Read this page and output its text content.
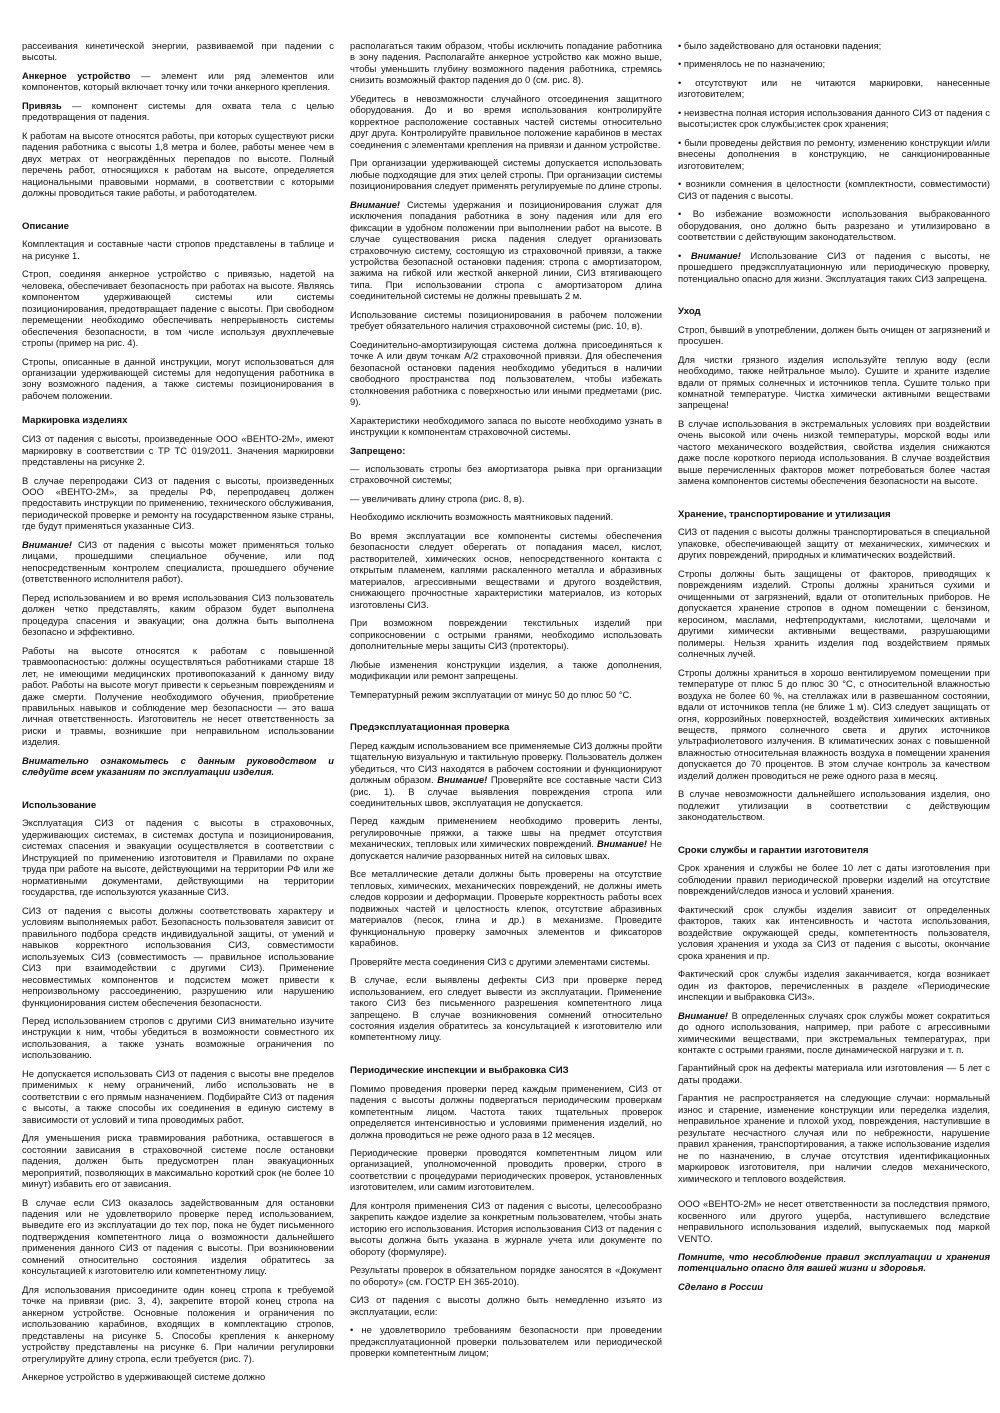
рассеивания кинетической энергии, развиваемой при падении с высоты.

Анкерное устройство — элемент или ряд элементов или компонентов, который включает точку или точки анкерного крепления.

Привязь — компонент системы для охвата тела с целью предотвращения от падения.

К работам на высоте относятся работы, при которых существуют риски падения работника с высоты 1,8 метра и более, работы менее чем в двух метрах от неограждённых перепадов по высоте. Полный перечень работ, относящихся к работам на высоте, определяется национальными правовыми нормами, в соответствии с которыми должны проводиться такие работы, и работодателем.

Описание

Комплектация и составные части стропов представлены в таблице и на рисунке 1.

Строп, соединяя анкерное устройство с привязью, надетой на человека, обеспечивает безопасность при работах на высоте. Являясь компонентом удерживающей системы или системы позиционирования, предотвращает падение с высоты. При свободном перемещении необходимо обеспечивать непрерывность системы обеспечения безопасности, в том числе используя двухплечевые стропы (пример на рис. 4).

Стропы, описанные в данной инструкции, могут использоваться для организации удерживающей системы для недопущения работника в зону возможного падения, а также системы позиционирования в рабочем положении.

Маркировка изделиях

СИЗ от падения с высоты, произведенные ООО «ВЕНТО-2М», имеют маркировку в соответствии с ТР ТС 019/2011. Значения маркировки представлены на рисунке 2.

В случае перепродажи СИЗ от падения с высоты, произведенных ООО «ВЕНТО-2М», за пределы РФ, перепродавец должен предоставить инструкции по применению, технического обслуживания, периодической проверке и ремонту на государственном языке страны, где будут применяться указанные СИЗ.

Внимание! СИЗ от падения с высоты может применяться только лицами, прошедшими специальное обучение, или под непосредственным контролем специалиста, прошедшего обучение (ответственного исполнителя работ).

Перед использованием и во время использования СИЗ пользователь должен четко представлять, каким образом будет выполнена процедура спасения и эвакуации; она должна быть выполнена безопасно и эффективно.

Работы на высоте относятся к работам с повышенной травмоопасностью: должны осуществляться работниками старше 18 лет, не имеющими медицинских противопоказаний к данному виду работ. Работы на высоте могут привести к серьезным повреждениям и даже смерти. Получение необходимого обучения, приобретение правильных навыков и соблюдение мер безопасности — это ваша личная ответственность. Изготовитель не несет ответственность за риски и травмы, возникшие при неправильном использовании изделия.

Внимательно ознакомьтесь с данным руководством и следуйте всем указаниям по эксплуатации изделия.

Использование

Эксплуатация СИЗ от падения с высоты в страховочных, удерживающих системах, в системах доступа и позиционирования, системах спасения и эвакуации осуществляется в соответствии с Инструкцией по применению изготовителя и Правилами по охране труда при работе на высоте, действующими на территории РФ или же нормативными документами, действующими на территории государства, где используются указанные СИЗ.

СИЗ от падения с высоты должны соответствовать характеру и условиям выполняемых работ. Безопасность пользователя зависит от правильного подбора средств индивидуальной защиты, от умений и навыков корректного использования СИЗ, совместимости используемых СИЗ (совместимость — правильное использование СИЗ при взаимодействии с другими СИЗ). Применение несовместимых компонентов и подсистем может привести к непроизвольному рассоединению, разрушению или нарушению функционирования систем обеспечения безопасности.

Перед использованием стропов с другими СИЗ внимательно изучите инструкции к ним, чтобы убедиться в возможности совместного их использования, а также узнать возможные ограничения по использованию.

Не допускается использовать СИЗ от падения с высоты вне пределов применимых к нему ограничений, либо использовать не в соответствии с его прямым назначением. Подбирайте СИЗ от падения с высоты, а также способы их соединения в единую систему в зависимости от условий и типа проводимых работ.

Для уменьшения риска травмирования работника, оставшегося в состоянии зависания в страховочной системе после остановки падения, должен быть предусмотрен план эвакуационных мероприятий, позволяющих в максимально короткий срок (не более 10 минут) избавить его от зависания.

В случае если СИЗ оказалось задействованным для остановки падения или не удовлетворило проверке перед использованием, выведите его из эксплуатации до тех пор, пока не будет письменного подтверждения компетентного лица о возможности дальнейшего применения данного СИЗ от падения с высоты. При возникновении сомнений относительно состояния изделия обратитесь за консультацией к изготовителю или компетентному лицу.

Для использования присоедините один конец стропа к требуемой точке на привязи (рис. 3, 4), закрепите второй конец стропа на анкерном устройстве. Основные положения и ограничения по использованию карабинов, входящих в комплектацию стропов, представлены на рисунке 5. Способы крепления к анкерному устройству представлены на рисунке 6. При наличии регулировки отрегулируйте длину стропа, если требуется (рис. 7).

Анкерное устройство в удерживающей системе должно

располагаться таким образом, чтобы исключить попадание работника в зону падения. Располагайте анкерное устройство как можно выше, чтобы уменьшить глубину возможного падения работника, стремясь снизить возможный фактор падения до 0 (см. рис. 8).

Убедитесь в невозможности случайного отсоединения защитного оборудования. До и во время использования контролируйте корректное расположение составных частей системы относительно друг друга. Контролируйте правильное положение карабинов в местах соединения с элементами крепления на привязи и данном устройстве.

При организации удерживающей системы допускается использовать любые подходящие для этих целей стропы. При организации системы позиционирования следует применять регулируемые по длине стропы.

Внимание! Системы удержания и позиционирования служат для исключения попадания работника в зону падения или для его фиксации в удобном положении при выполнении работ на высоте. В случае существования риска падения следует организовать страховочную систему, состоящую из страховочной привязи, а также устройства безопасной остановки падения: стропа с амортизатором, зажима на гибкой или жесткой анкерной линии, СИЗ втягивающего типа. При использовании стропа с амортизатором длина соединительной системы не должны превышать 2 м.

Использование системы позиционирования в рабочем положении требует обязательного наличия страховочной системы (рис. 10, в).

Соединительно-амортизирующая система должна присоединяться к точке А или двум точкам А/2 страховочной привязи. Для обеспечения безопасной остановки падения необходимо убедиться в наличии свободного пространства под пользователем, чтобы избежать столкновения работника с поверхностью или иными предметами (рис. 9).

Характеристики необходимого запаса по высоте необходимо узнать в инструкции к компонентам страховочной системы.

Запрещено:

— использовать стропы без амортизатора рывка при организации страховочной системы;

— увеличивать длину стропа (рис. 8, в).

Необходимо исключить возможность маятниковых падений.

Во время эксплуатации все компоненты системы обеспечения безопасности следует оберегать от попадания масел, кислот, растворителей, химических основ, непосредственного контакта с открытым пламенем, каплями раскаленного металла и абразивных материалов, агрессивными веществами и другого воздействия, снижающего прочностные характеристики материалов, из которых изготовлены СИЗ.

При возможном повреждении текстильных изделий при соприкосновении с острыми гранями, необходимо использовать дополнительные меры защиты СИЗ (протекторы).

Любые изменения конструкции изделия, а также дополнения, модификации или ремонт запрещены.

Температурный режим эксплуатации от минус 50 до плюс 50 °С.

Предэксплуатационная проверка

Перед каждым использованием все применяемые СИЗ должны пройти тщательную визуальную и тактильную проверку. Пользователь должен убедиться, что СИЗ находятся в рабочем состоянии и функционируют должным образом. Внимание! Проверяйте все составные части СИЗ (рис. 1). В случае выявления повреждения стропа или соединительных швов, эксплуатация не допускается.

Перед каждым применением необходимо проверить ленты, регулировочные пряжки, а также швы на предмет отсутствия механических, тепловых или химических повреждений. Внимание! Не допускается наличие разорванных нитей на силовых швах.

Все металлические детали должны быть проверены на отсутствие тепловых, химических, механических повреждений, не должны иметь следов коррозии и деформации. Проверьте корректность работы всех подвижных частей и целостность клепок, отсутствие абразивных материалов (песок, глина и др.) в механизме. Проведите функциональную проверку замочных элементов и фиксаторов карабинов.

Проверяйте места соединения СИЗ с другими элементами системы.

В случае, если выявлены дефекты СИЗ при проверке перед использованием, его следует вывести из эксплуатации. Применение такого СИЗ без письменного разрешения компетентного лица запрещено. В случае возникновения сомнений относительно состояния изделия обратитесь за консультацией к изготовителю или компетентному лицу.

Периодические инспекции и выбраковка СИЗ

Помимо проведения проверки перед каждым применением, СИЗ от падения с высоты должны подвергаться периодическим проверкам компетентным лицом. Частота таких тщательных проверок определяется интенсивностью и условиями применения изделий, но должна проводиться не реже одного раза в 12 месяцев.

Периодические проверки проводятся компетентным лицом или организацией, уполномоченной проводить проверки, строго в соответствии с процедурами периодических проверок, установленных изготовителем, или самим изготовителем.

Для контроля применения СИЗ от падения с высоты, целесообразно закрепить каждое изделие за конкретным пользователем, чтобы знать историю его использования. История использования СИЗ от падения с высоты должна быть указана в журнале учета или документе по обороту (формуляре).

Результаты проверок в обязательном порядке заносятся в «Документ по обороту» (см. ГОСТР ЕН 365-2010).

СИЗ от падения с высоты должно быть немедленно изъято из эксплуатации, если:

• не удовлетворило требованиям безопасности при проведении предэксплуатационной проверки пользователем или периодической проверки компетентным лицом;

• было задействовано для остановки падения;

• применялось не по назначению;

• отсутствуют или не читаются маркировки, нанесенные изготовителем;

• неизвестна полная история использования данного СИЗ от падения с высоты;истек срок службы;истек срок хранения;

• были проведены действия по ремонту, изменению конструкции и/или внесены дополнения в конструкцию, не санкционированные изготовителем;

• возникли сомнения в целостности (комплектности, совместимости) СИЗ от падения с высоты.

• Во избежание возможности использования выбракованного оборудования, оно должно быть разрезано и утилизировано в соответствии с действующим законодательством.

• Внимание! Использование СИЗ от падения с высоты, не прошедшего предэксплуатационную или периодическую проверку, потенциально опасно для жизни. Эксплуатация таких СИЗ запрещена.

Уход

Строп, бывший в употреблении, должен быть очищен от загрязнений и просушен.

Для чистки грязного изделия используйте теплую воду (если необходимо, также нейтральное мыло). Сушите и храните изделие вдали от прямых солнечных и источников тепла. Сушите только при комнатной температуре. Чистка химически активными веществами запрещена!

В случае использования в экстремальных условиях при воздействии очень высокой или очень низкой температуры, морской воды или частого механического воздействия, свойства изделия снижаются даже после короткого периода использования. В случае воздействия выше перечисленных факторов может потребоваться более частая замена компонентов системы обеспечения безопасности на высоте.

Хранение, транспортирование и утилизация

СИЗ от падения с высоты должны транспортироваться в специальной упаковке, обеспечивающей защиту от механических, химических и других повреждений, природных и климатических воздействий.

Стропы должны быть защищены от факторов, приводящих к повреждениям изделий. Стропы должны храниться сухими и очищенными от загрязнений, вдали от отопительных приборов. Не допускается хранение стропов в одном помещении с бензином, керосином, маслами, нефтепродуктами, кислотами, щелочами и другими химически активными веществами, разрушающими полимеры. Нельзя хранить изделия под воздействием прямых солнечных лучей.

Стропы должны храниться в хорошо вентилируемом помещении при температуре от плюс 5 до плюс 30 °С, с относительной влажностью воздуха не более 60 %, на стеллажах или в развешанном состоянии, вдали от источников тепла (не ближе 1 м). СИЗ следует защищать от огня, коррозийных поверхностей, воздействия химических активных веществ, прямого солнечного света и других источников ультрафиолетового излучения. В климатических зонах с повышенной влажностью относительная влажность воздуха в помещении хранения допускается до 70 процентов. В этом случае контроль за качеством изделий должен проводиться не реже одного раза в месяц.

В случае невозможности дальнейшего использования изделия, оно подлежит утилизации в соответствии с действующим законодательством.

Сроки службы и гарантии изготовителя

Срок хранения и службы не более 10 лет с даты изготовления при соблюдении правил периодической проверки изделий на отсутствие повреждений/следов износа и условий хранения.

Фактический срок службы изделия зависит от определенных факторов, таких как интенсивность и частота использования, воздействие окружающей среды, компетентность пользователя, условия хранения и ухода за СИЗ от падения с высоты, окончание срока хранения и пр.

Фактический срок службы изделия заканчивается, когда возникает один из факторов, перечисленных в разделе «Периодические инспекции и выбраковка СИЗ».

Внимание! В определенных случаях срок службы может сократиться до одного использования, например, при работе с агрессивными химическими веществами, при экстремальных температурах, при контакте с острыми гранями, после динамической нагрузки и т. п.

Гарантийный срок на дефекты материала или изготовления — 5 лет с даты продажи.

Гарантия не распространяется на следующие случаи: нормальный износ и старение, изменение конструкции или переделка изделия, неправильное хранение и плохой уход, повреждения, наступившие в результате несчастного случая или по небрежности, нарушение правил хранения, транспортирования, а также использование изделия не по назначению, в случае отсутствия идентификационных маркировок изготовителя, при наличии следов механического, химического и теплового воздействия.

ООО «ВЕНТО-2М» не несет ответственности за последствия прямого, косвенного или другого ущерба, наступившего вследствие неправильного использования изделий, выпускаемых под маркой VENTO.

Помните, что несоблюдение правил эксплуатации и хранения потенциально опасно для вашей жизни и здоровья.

Сделано в России
